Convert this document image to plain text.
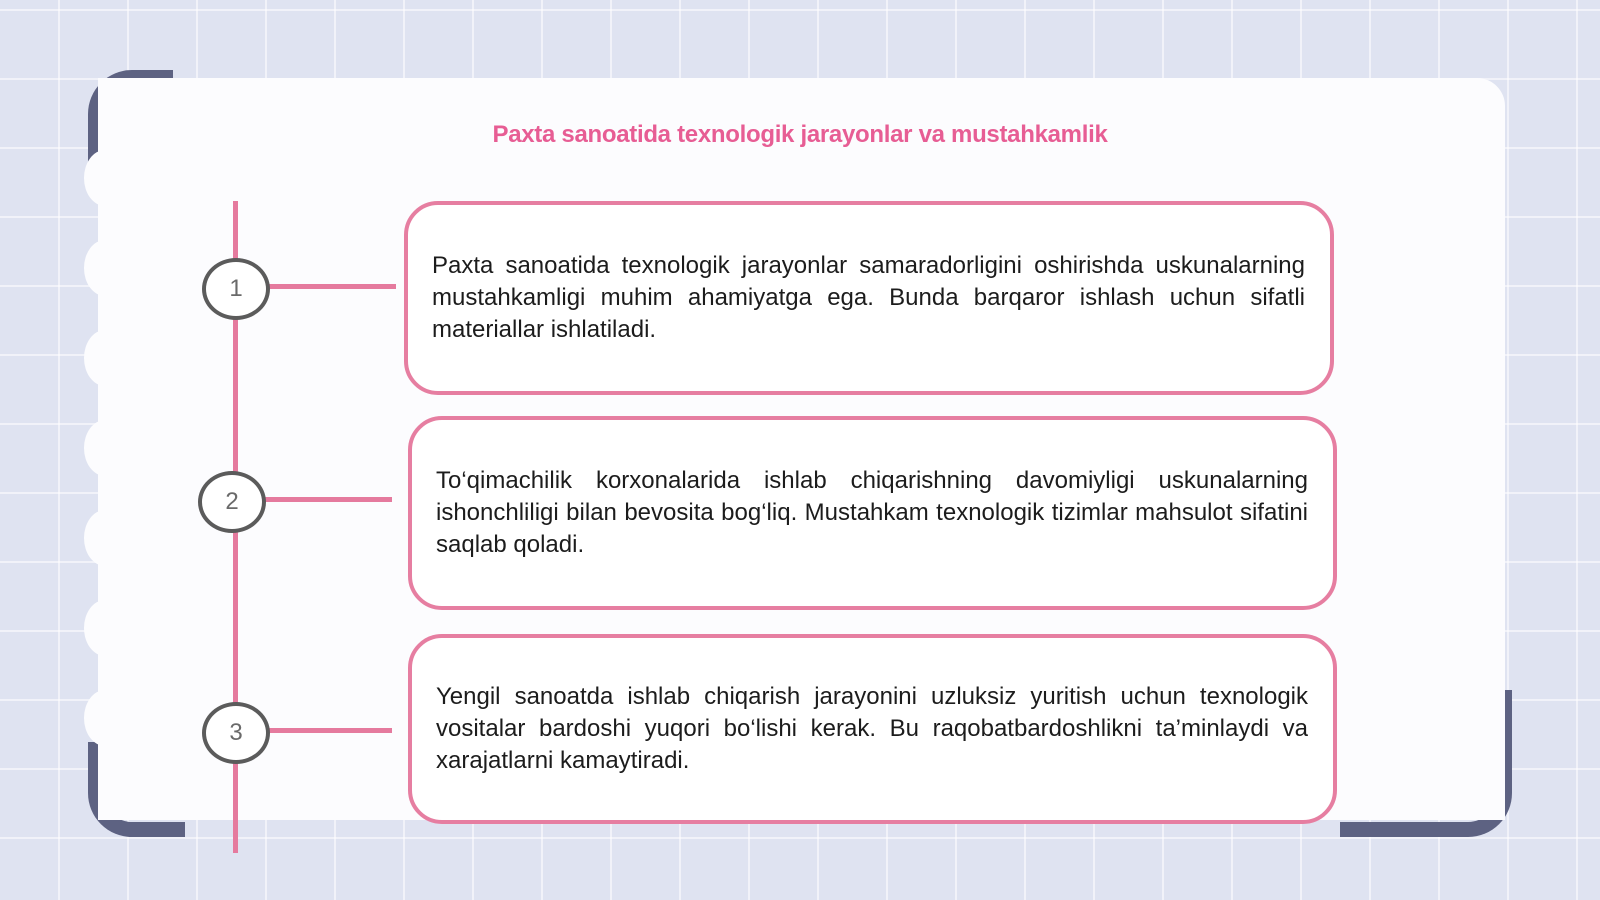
Paxta sanoatida texnologik jarayonlar va mustahkamlik
1

Paxta sanoatida texnologik jarayonlar samaradorligini oshirishda uskunalarning mustahkamligi muhim ahamiyatga ega. Bunda barqaror ishlash uchun sifatli materiallar ishlatiladi.

2

To‘qimachilik korxonalarida ishlab chiqarishning davomiyligi uskunalarning ishonchliligi bilan bevosita bog‘liq. Mustahkam texnologik tizimlar mahsulot sifatini saqlab qoladi.

3

Yengil sanoatda ishlab chiqarish jarayonini uzluksiz yuritish uchun texnologik vositalar bardoshi yuqori bo‘lishi kerak. Bu raqobatbardoshlikni ta’minlaydi va xarajatlarni kamaytiradi.
